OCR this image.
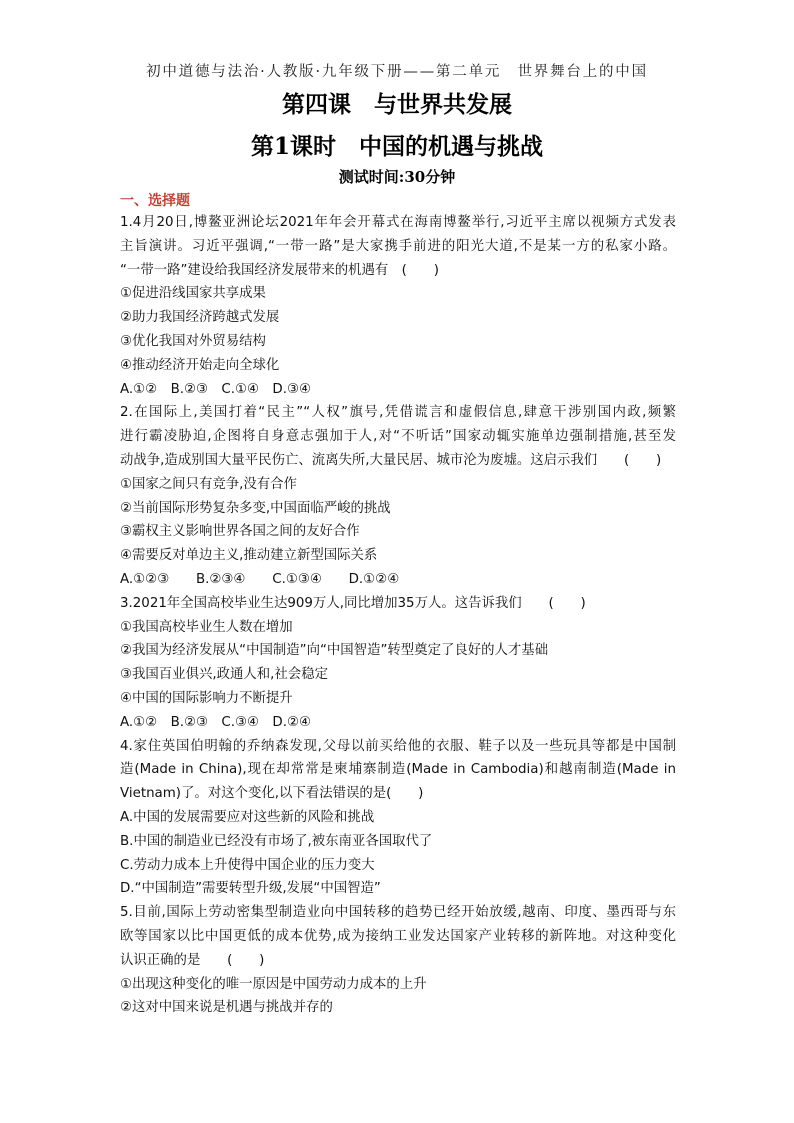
初中道德与法治·人教版·九年级下册——第二单元　世界舞台上的中国
第四课　与世界共发展
第1课时　中国的机遇与挑战
测试时间:30分钟
一、选择题

1.4月20日,博鳌亚洲论坛2021年年会开幕式在海南博鳌举行,习近平主席以视频方式发表

主旨演讲。习近平强调,“一带一路”是大家携手前进的阳光大道,不是某一方的私家小路。

“一带一路”建设给我国经济发展带来的机遇有　(　　)

①促进沿线国家共享成果

②助力我国经济跨越式发展

③优化我国对外贸易结构

④推动经济开始走向全球化

A.①②　B.②③　C.①④　D.③④

2.在国际上,美国打着“民主”“人权”旗号,凭借谎言和虚假信息,肆意干涉别国内政,频繁

进行霸凌胁迫,企图将自身意志强加于人,对“不听话”国家动辄实施单边强制措施,甚至发

动战争,造成别国大量平民伤亡、流离失所,大量民居、城市沦为废墟。这启示我们　　(　　)

①国家之间只有竞争,没有合作

②当前国际形势复杂多变,中国面临严峻的挑战

③霸权主义影响世界各国之间的友好合作

④需要反对单边主义,推动建立新型国际关系

A.①②③　　B.②③④　　C.①③④　　D.①②④

3.2021年全国高校毕业生达909万人,同比增加35万人。这告诉我们　　(　　)

①我国高校毕业生人数在增加

②我国为经济发展从“中国制造”向“中国智造”转型奠定了良好的人才基础

③我国百业俱兴,政通人和,社会稳定

④中国的国际影响力不断提升

A.①②　B.②③　C.③④　D.②④

4.家住英国伯明翰的乔纳森发现,父母以前买给他的衣服、鞋子以及一些玩具等都是中国制

造(Made in China),现在却常常是柬埔寨制造(Made in Cambodia)和越南制造(Made in

Vietnam)了。对这个变化,以下看法错误的是(　　)

A.中国的发展需要应对这些新的风险和挑战

B.中国的制造业已经没有市场了,被东南亚各国取代了

C.劳动力成本上升使得中国企业的压力变大

D.“中国制造”需要转型升级,发展“中国智造”

5.目前,国际上劳动密集型制造业向中国转移的趋势已经开始放缓,越南、印度、墨西哥与东

欧等国家以比中国更低的成本优势,成为接纳工业发达国家产业转移的新阵地。对这种变化

认识正确的是　　(　　)

①出现这种变化的唯一原因是中国劳动力成本的上升

②这对中国来说是机遇与挑战并存的
